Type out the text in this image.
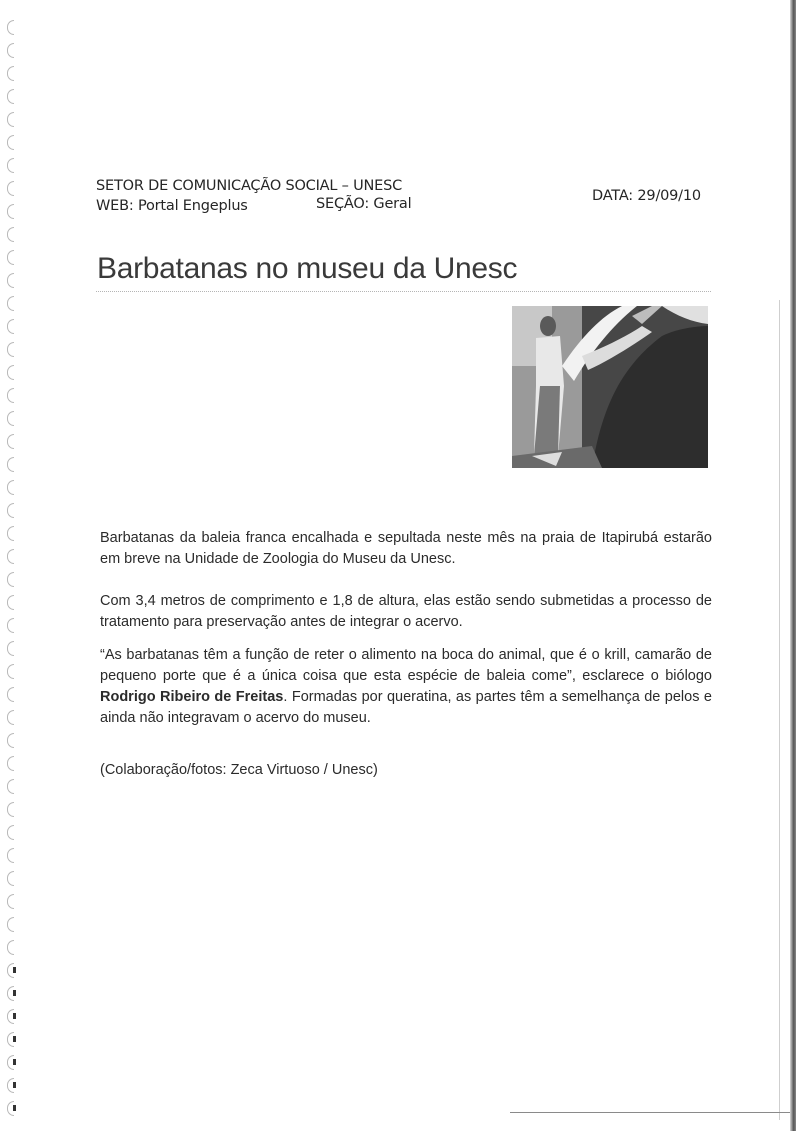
SETOR DE COMUNICAÇÃO SOCIAL – UNESC
WEB: Portal Engeplus	SEÇÃO: Geral	DATA: 29/09/10
Barbatanas no museu da Unesc
Barbatanas da baleia franca encalhada e sepultada neste mês na praia de Itapirubá estarão em breve na Unidade de Zoologia do Museu da Unesc.
Com 3,4 metros de comprimento e 1,8 de altura, elas estão sendo submetidas a processo de tratamento para preservação antes de integrar o acervo.
“As barbatanas têm a função de reter o alimento na boca do animal, que é o krill, camarão de pequeno porte que é a única coisa que esta espécie de baleia come”, esclarece o biólogo Rodrigo Ribeiro de Freitas. Formadas por queratina, as partes têm a semelhança de pelos e ainda não integravam o acervo do museu.
(Colaboração/fotos: Zeca Virtuoso / Unesc)
